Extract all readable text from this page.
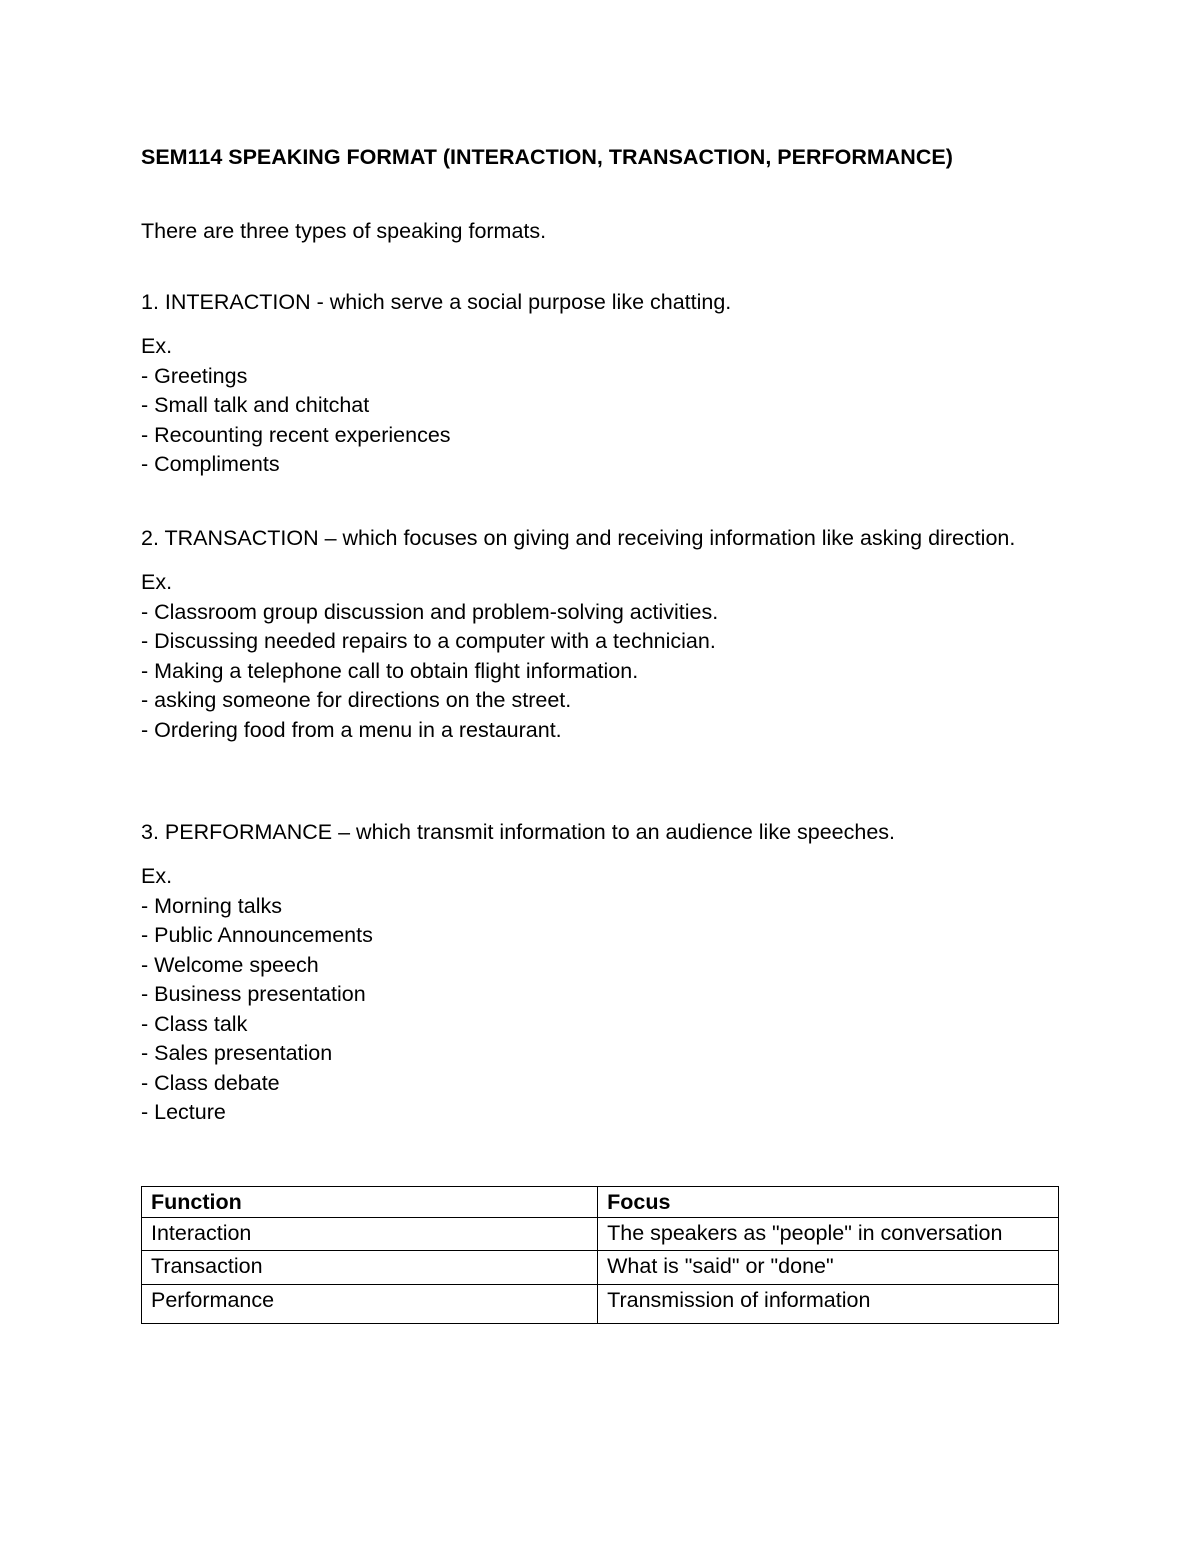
SEM114 SPEAKING FORMAT (INTERACTION, TRANSACTION, PERFORMANCE)
There are three types of speaking formats.

1. INTERACTION - which serve a social purpose like chatting.

Ex.
- Greetings
- Small talk and chitchat
- Recounting recent experiences
- Compliments

2. TRANSACTION – which focuses on giving and receiving information like asking direction.

Ex.
- Classroom group discussion and problem-solving activities.
- Discussing needed repairs to a computer with a technician.
- Making a telephone call to obtain flight information.
- asking someone for directions on the street.
- Ordering food from a menu in a restaurant.

3. PERFORMANCE – which transmit information to an audience like speeches.

Ex.
- Morning talks
- Public Announcements
- Welcome speech
- Business presentation
- Class talk
- Sales presentation
- Class debate
- Lecture
Function	Focus
Interaction	The speakers as "people" in conversation
Transaction	What is "said" or "done"
Performance	Transmission of information
